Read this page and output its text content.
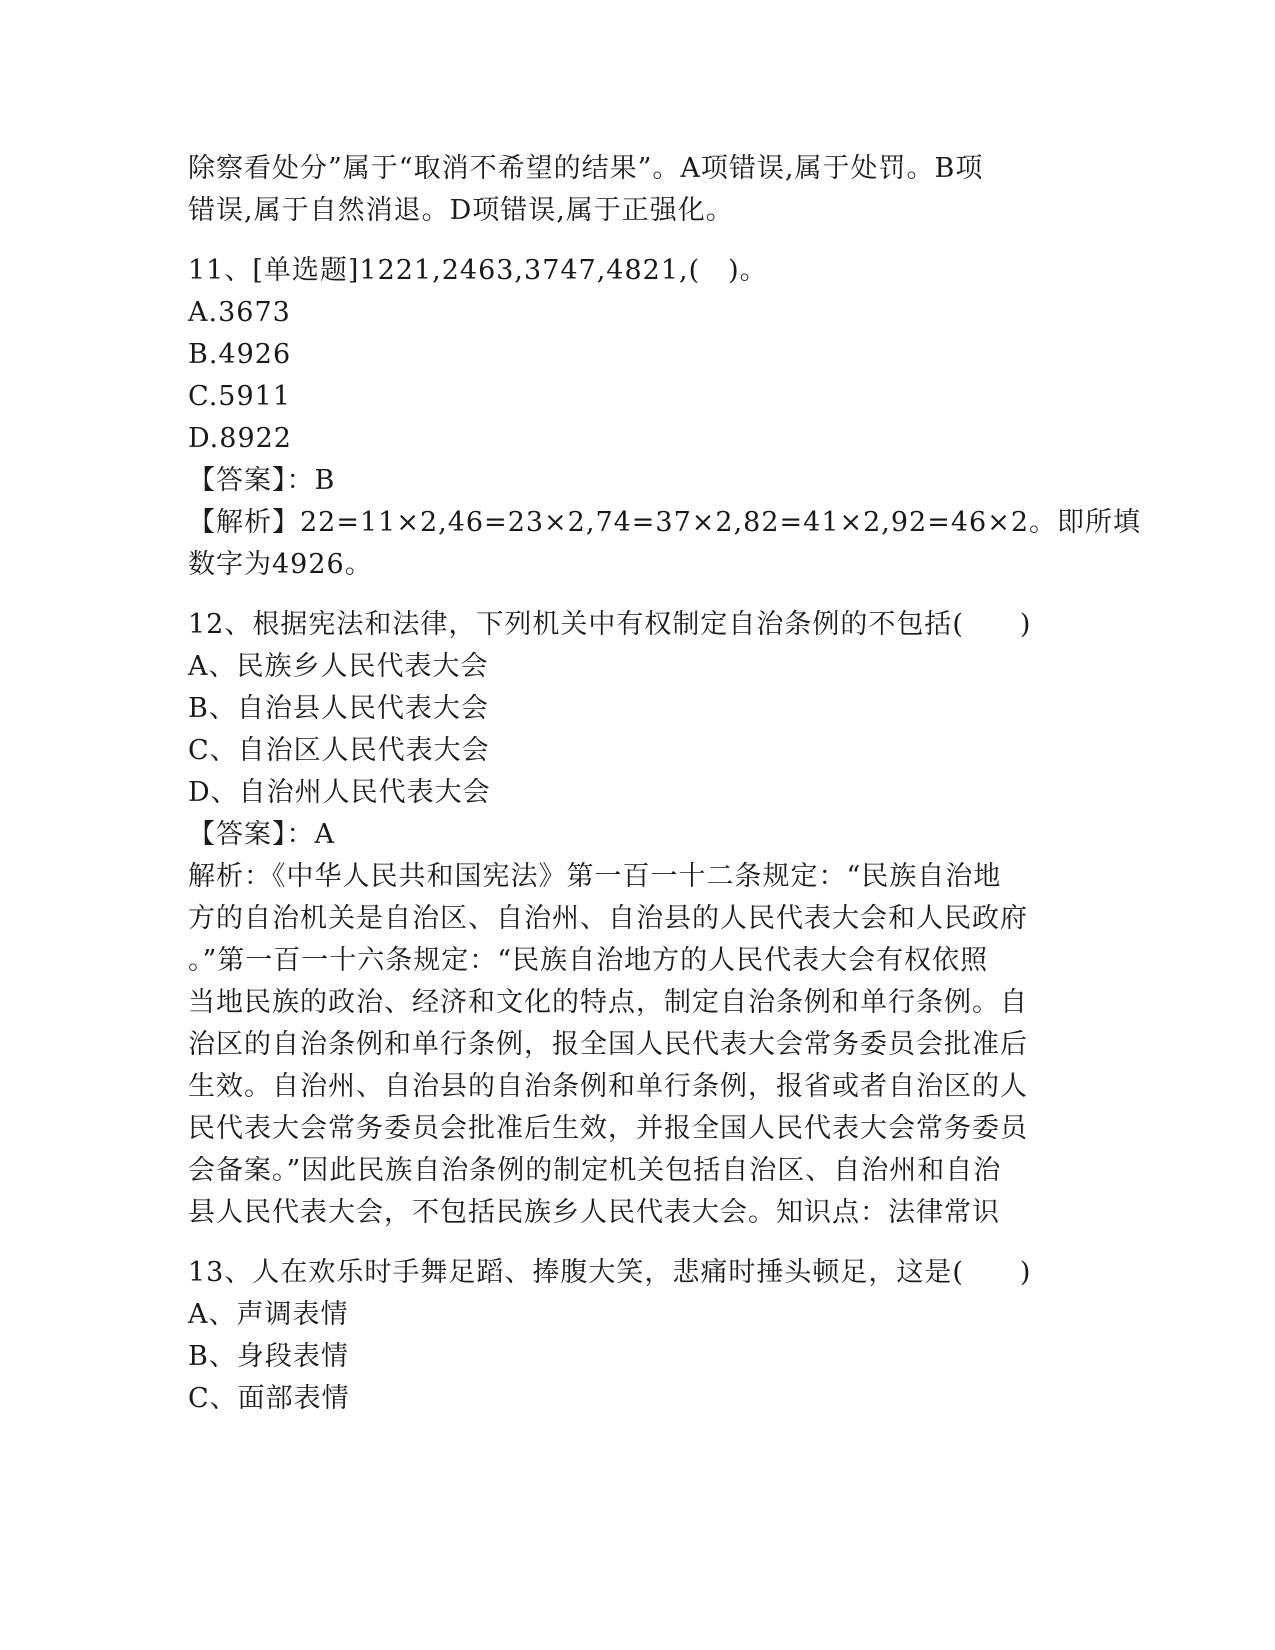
除察看处分”属于“取消不希望的结果”。A项错误,属于处罚。B项
错误,属于自然消退。D项错误,属于正强化。
11、[单选题]1221,2463,3747,4821,(　)。
A.3673
B.4926
C.5911
D.8922
【答案】：B
【解析】22=11×2,46=23×2,74=37×2,82=41×2,92=46×2。即所填
数字为4926。
12、根据宪法和法律，下列机关中有权制定自治条例的不包括(　　)
A、民族乡人民代表大会
B、自治县人民代表大会
C、自治区人民代表大会
D、自治州人民代表大会
【答案】：A
解析：《中华人民共和国宪法》第一百一十二条规定：“民族自治地
方的自治机关是自治区、自治州、自治县的人民代表大会和人民政府
。”第一百一十六条规定：“民族自治地方的人民代表大会有权依照
当地民族的政治、经济和文化的特点，制定自治条例和单行条例。自
治区的自治条例和单行条例，报全国人民代表大会常务委员会批准后
生效。自治州、自治县的自治条例和单行条例，报省或者自治区的人
民代表大会常务委员会批准后生效，并报全国人民代表大会常务委员
会备案。”因此民族自治条例的制定机关包括自治区、自治州和自治
县人民代表大会，不包括民族乡人民代表大会。知识点：法律常识
13、人在欢乐时手舞足蹈、捧腹大笑，悲痛时捶头顿足，这是(　　)
A、声调表情
B、身段表情
C、面部表情
